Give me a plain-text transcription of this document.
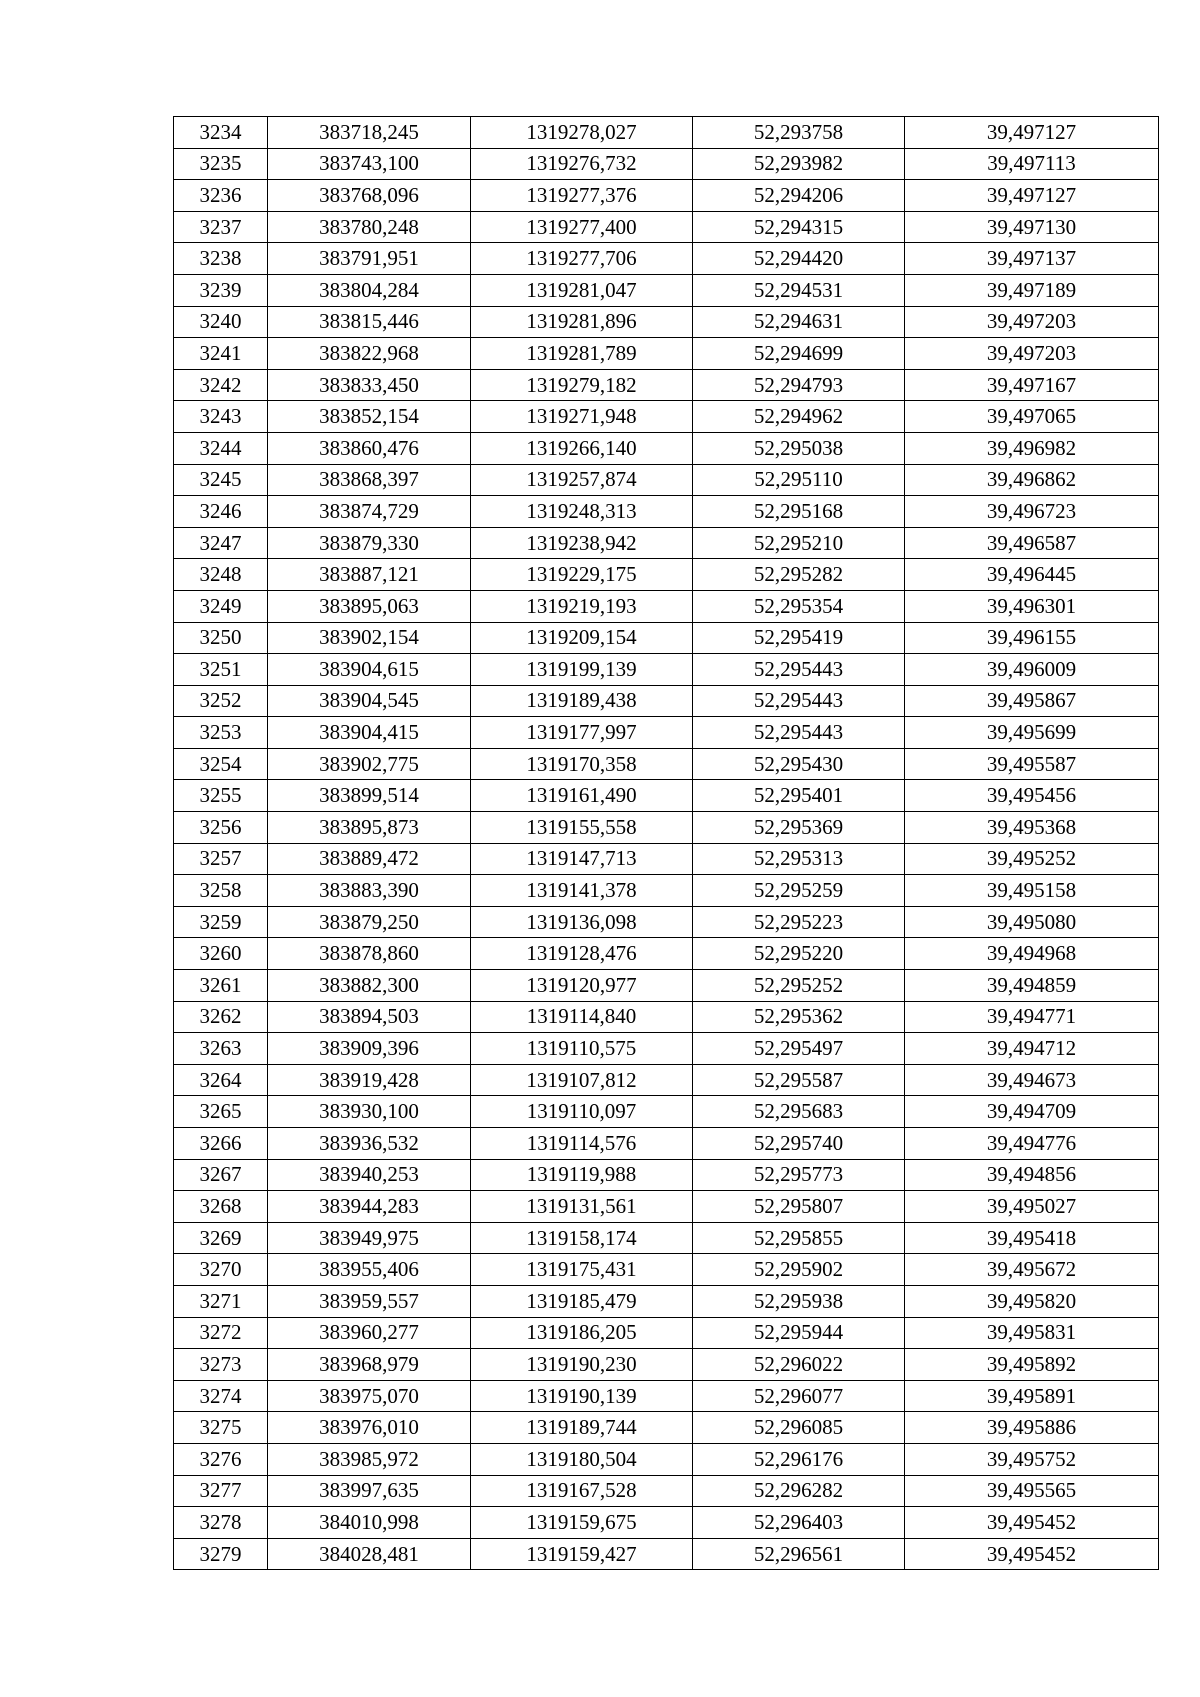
3234	383718,245	1319278,027	52,293758	39,497127
3235	383743,100	1319276,732	52,293982	39,497113
3236	383768,096	1319277,376	52,294206	39,497127
3237	383780,248	1319277,400	52,294315	39,497130
3238	383791,951	1319277,706	52,294420	39,497137
3239	383804,284	1319281,047	52,294531	39,497189
3240	383815,446	1319281,896	52,294631	39,497203
3241	383822,968	1319281,789	52,294699	39,497203
3242	383833,450	1319279,182	52,294793	39,497167
3243	383852,154	1319271,948	52,294962	39,497065
3244	383860,476	1319266,140	52,295038	39,496982
3245	383868,397	1319257,874	52,295110	39,496862
3246	383874,729	1319248,313	52,295168	39,496723
3247	383879,330	1319238,942	52,295210	39,496587
3248	383887,121	1319229,175	52,295282	39,496445
3249	383895,063	1319219,193	52,295354	39,496301
3250	383902,154	1319209,154	52,295419	39,496155
3251	383904,615	1319199,139	52,295443	39,496009
3252	383904,545	1319189,438	52,295443	39,495867
3253	383904,415	1319177,997	52,295443	39,495699
3254	383902,775	1319170,358	52,295430	39,495587
3255	383899,514	1319161,490	52,295401	39,495456
3256	383895,873	1319155,558	52,295369	39,495368
3257	383889,472	1319147,713	52,295313	39,495252
3258	383883,390	1319141,378	52,295259	39,495158
3259	383879,250	1319136,098	52,295223	39,495080
3260	383878,860	1319128,476	52,295220	39,494968
3261	383882,300	1319120,977	52,295252	39,494859
3262	383894,503	1319114,840	52,295362	39,494771
3263	383909,396	1319110,575	52,295497	39,494712
3264	383919,428	1319107,812	52,295587	39,494673
3265	383930,100	1319110,097	52,295683	39,494709
3266	383936,532	1319114,576	52,295740	39,494776
3267	383940,253	1319119,988	52,295773	39,494856
3268	383944,283	1319131,561	52,295807	39,495027
3269	383949,975	1319158,174	52,295855	39,495418
3270	383955,406	1319175,431	52,295902	39,495672
3271	383959,557	1319185,479	52,295938	39,495820
3272	383960,277	1319186,205	52,295944	39,495831
3273	383968,979	1319190,230	52,296022	39,495892
3274	383975,070	1319190,139	52,296077	39,495891
3275	383976,010	1319189,744	52,296085	39,495886
3276	383985,972	1319180,504	52,296176	39,495752
3277	383997,635	1319167,528	52,296282	39,495565
3278	384010,998	1319159,675	52,296403	39,495452
3279	384028,481	1319159,427	52,296561	39,495452
